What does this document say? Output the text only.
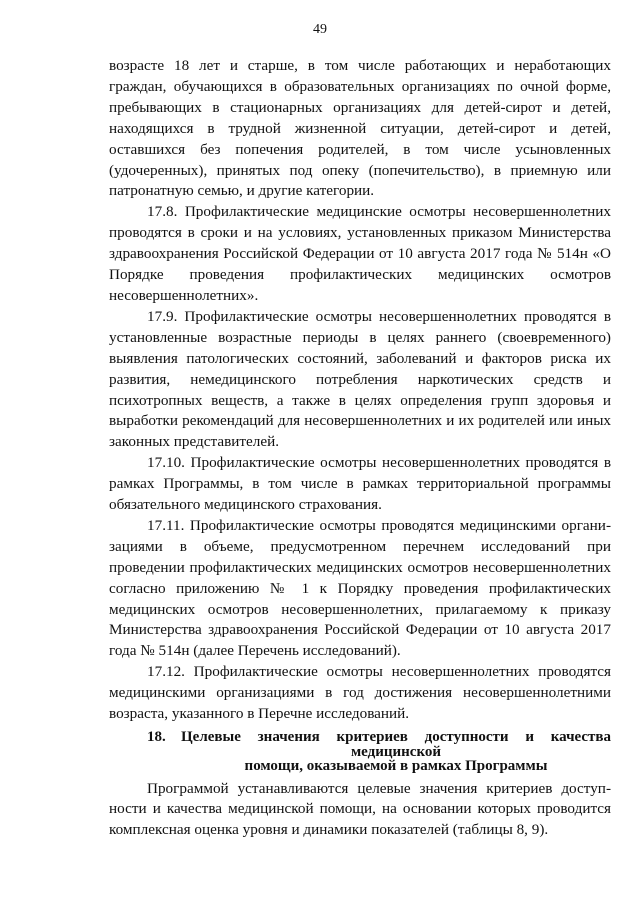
49

возрасте 18 лет и старше, в том числе работающих и неработающих граждан, обучающихся в образовательных организациях по очной форме, пребывающих в стационарных организациях для детей-сирот и детей, находящихся в трудной жизненной ситуации, детей-сирот и детей, оставшихся без попечения родителей, в том числе усыновленных (удочеренных), принятых под опеку (попечительство), в приемную или патронатную семью, и другие категории.

17.8. Профилактические медицинские осмотры несовершеннолетних проводятся в сроки и на условиях, установленных приказом Министерства здравоохранения Российской Федерации от 10 августа 2017 года № 514н «О Порядке проведения профилактических медицинских осмотров несовершеннолетних».

17.9. Профилактические осмотры несовершеннолетних проводятся в установленные возрастные периоды в целях раннего (своевременного) выявления патологических состояний, заболеваний и факторов риска их развития, немедицинского потребления наркотических средств и психотропных веществ, а также в целях определения групп здоровья и выработки рекомендаций для несовершеннолетних и их родителей или иных законных представителей.

17.10. Профилактические осмотры несовершеннолетних проводятся в рамках Программы, в том числе в рамках территориальной программы обязательного медицинского страхования.

17.11. Профилактические осмотры проводятся медицинскими организациями в объеме, предусмотренном перечнем исследований при проведении профилактических медицинских осмотров несовершеннолетних согласно приложению № 1 к Порядку проведения профилактических медицинских осмотров несовершеннолетних, прилагаемому к приказу Министерства здравоохранения Российской Федерации от 10 августа 2017 года № 514н (далее Перечень исследований).

17.12. Профилактические осмотры несовершеннолетних проводятся медицинскими организациями в год достижения несовершеннолетними возраста, указанного в Перечне исследований.

18.	Целевые значения критериев доступности и качества медицинской
помощи, оказываемой в рамках Программы

Программой устанавливаются целевые значения критериев доступности и качества медицинской помощи, на основании которых проводится комплексная оценка уровня и динамики показателей (таблицы 8, 9).
